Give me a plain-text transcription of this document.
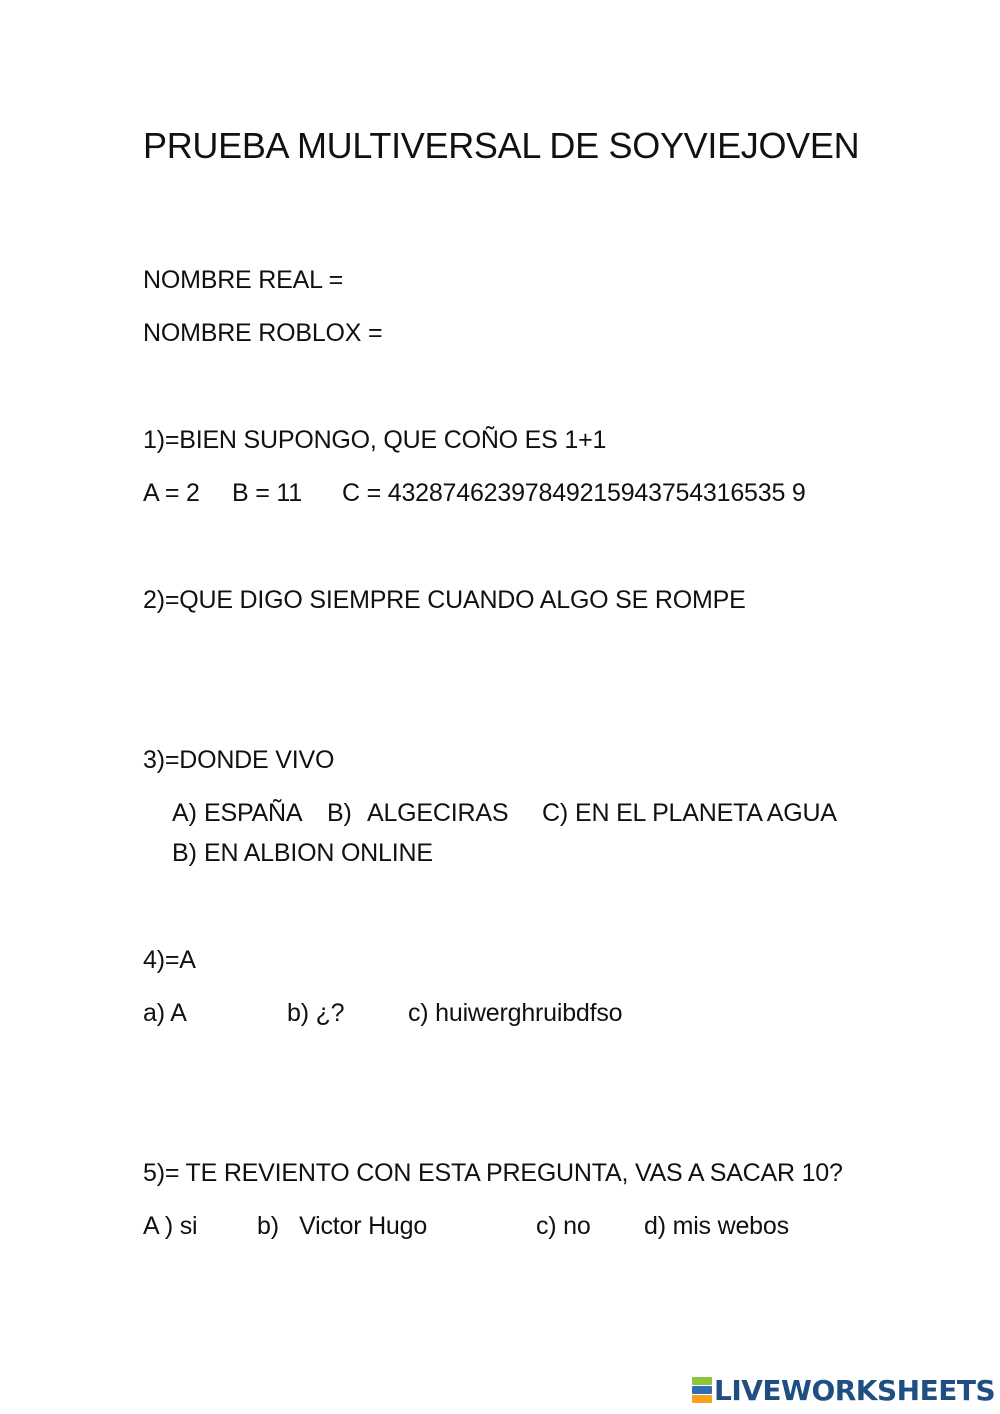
PRUEBA MULTIVERSAL DE SOYVIEJOVEN
NOMBRE REAL =
NOMBRE ROBLOX =
1)=BIEN SUPONGO, QUE COÑO ES 1+1
A = 2 B = 11 C = 43287462397849215943754316535 9
2)=QUE DIGO SIEMPRE CUANDO ALGO SE ROMPE
3)=DONDE VIVO
A) ESPAÑA B) ALGECIRAS C) EN EL PLANETA AGUA
B) EN ALBION ONLINE
4)=A
a) A	b) ¿?	c) huiwerghruibdfso
5)= TE REVIENTO CON ESTA PREGUNTA, VAS A SACAR 10?
A ) si b)   Victor Hugo	c) no d) mis webos
LIVEWORKSHEETS
